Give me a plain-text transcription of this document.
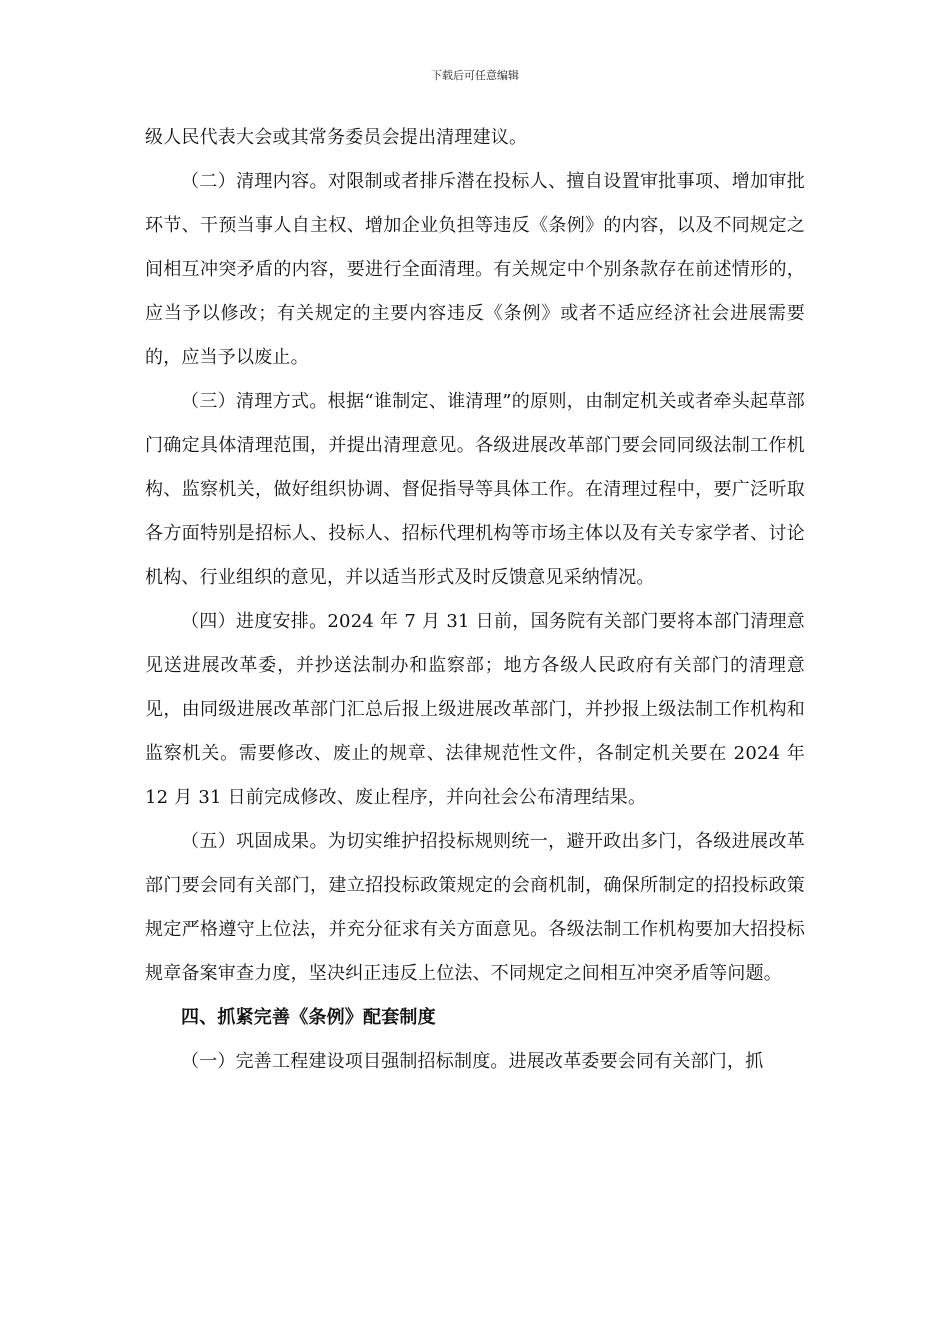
下载后可任意编辑

级人民代表大会或其常务委员会提出清理建议。

（二）清理内容。对限制或者排斥潜在投标人、擅自设置审批事项、增加审批环节、干预当事人自主权、增加企业负担等违反《条例》的内容，以及不同规定之间相互冲突矛盾的内容，要进行全面清理。有关规定中个别条款存在前述情形的，应当予以修改；有关规定的主要内容违反《条例》或者不适应经济社会进展需要的，应当予以废止。

（三）清理方式。根据“谁制定、谁清理”的原则，由制定机关或者牵头起草部门确定具体清理范围，并提出清理意见。各级进展改革部门要会同同级法制工作机构、监察机关，做好组织协调、督促指导等具体工作。在清理过程中，要广泛听取各方面特别是招标人、投标人、招标代理机构等市场主体以及有关专家学者、讨论机构、行业组织的意见，并以适当形式及时反馈意见采纳情况。

（四）进度安排。2024 年 7 月 31 日前，国务院有关部门要将本部门清理意见送进展改革委，并抄送法制办和监察部；地方各级人民政府有关部门的清理意见，由同级进展改革部门汇总后报上级进展改革部门，并抄报上级法制工作机构和监察机关。需要修改、废止的规章、法律规范性文件，各制定机关要在 2024 年 12 月 31 日前完成修改、废止程序，并向社会公布清理结果。

（五）巩固成果。为切实维护招投标规则统一，避开政出多门，各级进展改革部门要会同有关部门，建立招投标政策规定的会商机制，确保所制定的招投标政策规定严格遵守上位法，并充分征求有关方面意见。各级法制工作机构要加大招投标规章备案审查力度，坚决纠正违反上位法、不同规定之间相互冲突矛盾等问题。

四、抓紧完善《条例》配套制度

（一）完善工程建设项目强制招标制度。进展改革委要会同有关部门，抓
